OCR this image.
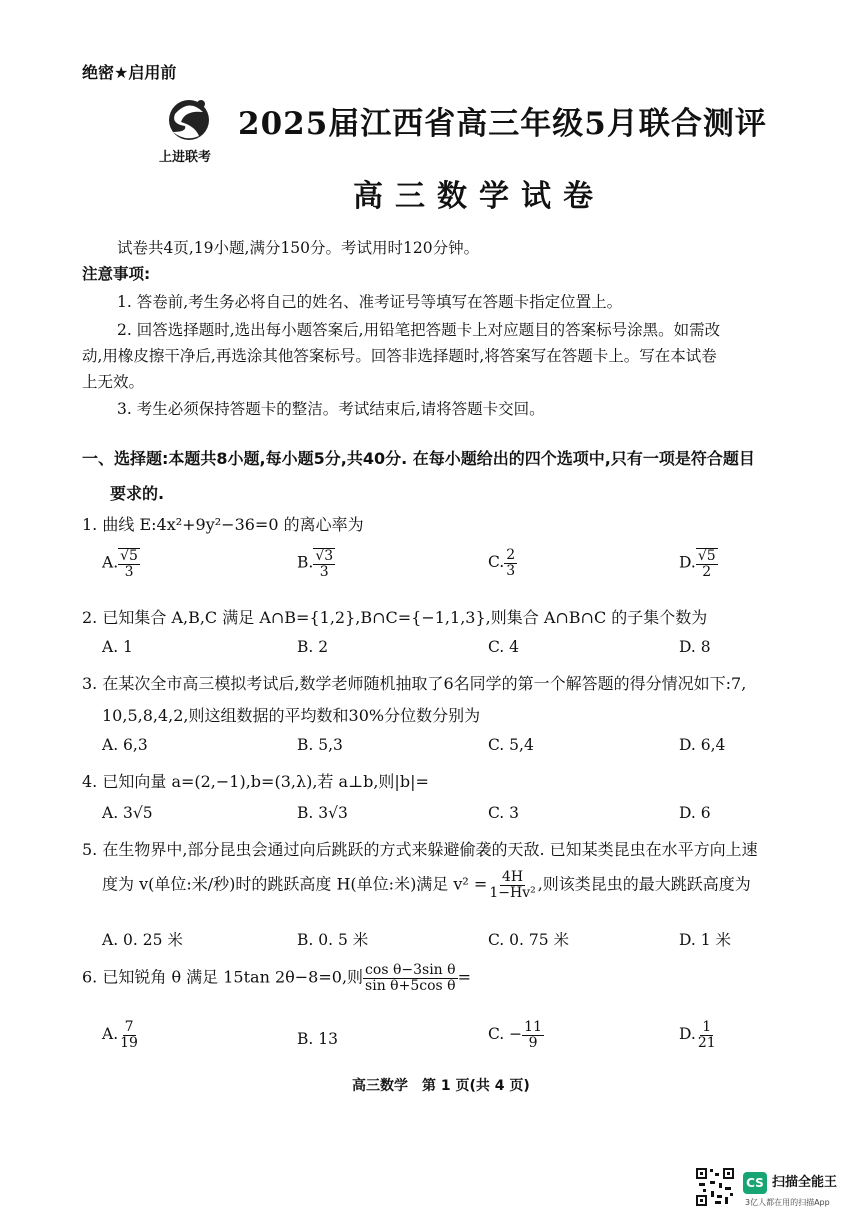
绝密★启用前
上进联考
2025届江西省高三年级5月联合测评
高三数学试卷
试卷共4页,19小题,满分150分。考试用时120分钟。
注意事项:
1. 答卷前,考生务必将自己的姓名、准考证号等填写在答题卡指定位置上。
2. 回答选择题时,选出每小题答案后,用铅笔把答题卡上对应题目的答案标号涂黑。如需改
动,用橡皮擦干净后,再选涂其他答案标号。回答非选择题时,将答案写在答题卡上。写在本试卷
上无效。
3. 考生必须保持答题卡的整洁。考试结束后,请将答题卡交回。
一、选择题:本题共8小题,每小题5分,共40分. 在每小题给出的四个选项中,只有一项是符合题目
要求的.
1. 曲线 E:4x²+9y²−36=0 的离心率为
A. $\frac{√5}{3}$	B. $\frac{√3}{3}$	C. $\frac{2}{3}$	D. $\frac{√5}{2}$
2. 已知集合 A,B,C 满足 A∩B={1,2},B∩C={−1,1,3},则集合 A∩B∩C 的子集个数为
A. 1	B. 2	C. 4	D. 8
3. 在某次全市高三模拟考试后,数学老师随机抽取了6名同学的第一个解答题的得分情况如下:7,
10,5,8,4,2,则这组数据的平均数和30%分位数分别为
A. 6,3	B. 5,3	C. 5,4	D. 6,4
4. 已知向量 a=(2,−1),b=(3,λ),若 a⊥b,则|b|=
A. 3√5	B. 3√3	C. 3	D. 6
5. 在生物界中,部分昆虫会通过向后跳跃的方式来躲避偷袭的天敌. 已知某类昆虫在水平方向上速
度为 v(单位:米/秒)时的跳跃高度 H(单位:米)满足 $v^2 = \frac{4H}{\text{1−Hv²}}$ ,则该类昆虫的最大跳跃高度为
A. 0. 25 米	B. 0. 5 米	C. 0. 75 米	D. 1 米
6. 已知锐角 θ 满足 15tan 2θ−8=0,则 $\frac{\text{cos θ−3sin θ}}{\text{sin θ+5cos θ}}$ =
A. $\frac{7}{19}$	B. 13	C. − $\frac{11}{9}$	D. $\frac{1}{21}$
高三数学　第 1 页(共 4 页)
CS 扫描全能王
3亿人都在用的扫描App
